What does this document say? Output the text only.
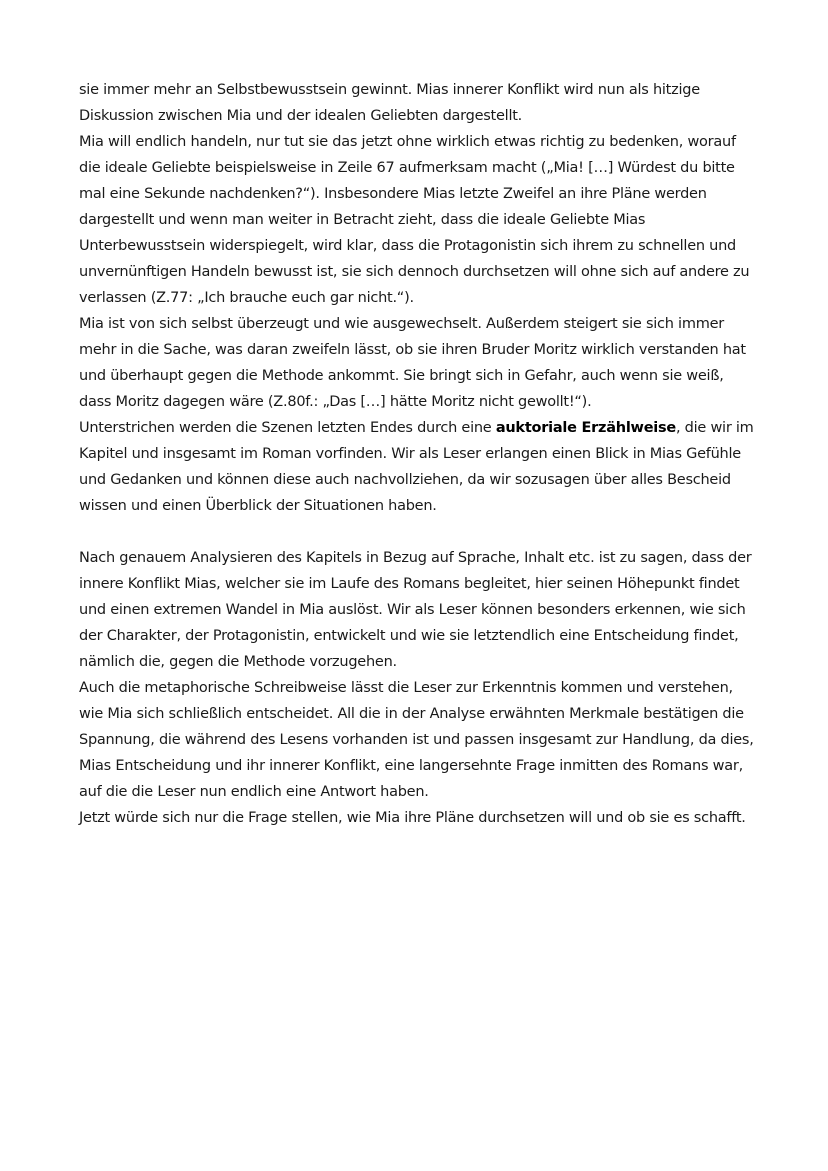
sie immer mehr an Selbstbewusstsein gewinnt. Mias innerer Konflikt wird nun als hitzige Diskussion zwischen Mia und der idealen Geliebten dargestellt.

Mia will endlich handeln, nur tut sie das jetzt ohne wirklich etwas richtig zu bedenken, worauf die ideale Geliebte beispielsweise in Zeile 67 aufmerksam macht („Mia! […] Würdest du bitte mal eine Sekunde nachdenken?“). Insbesondere Mias letzte Zweifel an ihre Pläne werden dargestellt und wenn man weiter in Betracht zieht, dass die ideale Geliebte Mias Unterbewusstsein widerspiegelt, wird klar, dass die Protagonistin sich ihrem zu schnellen und unvernünftigen Handeln bewusst ist, sie sich dennoch durchsetzen will ohne sich auf andere zu verlassen (Z.77: „Ich brauche euch gar nicht.“).

Mia ist von sich selbst überzeugt und wie ausgewechselt. Außerdem steigert sie sich immer mehr in die Sache, was daran zweifeln lässt, ob sie ihren Bruder Moritz wirklich verstanden hat und überhaupt gegen die Methode ankommt. Sie bringt sich in Gefahr, auch wenn sie weiß, dass Moritz dagegen wäre (Z.80f.: „Das […] hätte Moritz nicht gewollt!“).

Unterstrichen werden die Szenen letzten Endes durch eine auktoriale Erzählweise, die wir im Kapitel und insgesamt im Roman vorfinden. Wir als Leser erlangen einen Blick in Mias Gefühle und Gedanken und können diese auch nachvollziehen, da wir sozusagen über alles Bescheid wissen und einen Überblick der Situationen haben.

Nach genauem Analysieren des Kapitels in Bezug auf Sprache, Inhalt etc. ist zu sagen, dass der innere Konflikt Mias, welcher sie im Laufe des Romans begleitet, hier seinen Höhepunkt findet und einen extremen Wandel in Mia auslöst. Wir als Leser können besonders erkennen, wie sich der Charakter, der Protagonistin, entwickelt und wie sie letztendlich eine Entscheidung findet, nämlich die, gegen die Methode vorzugehen.

Auch die metaphorische Schreibweise lässt die Leser zur Erkenntnis kommen und verstehen, wie Mia sich schließlich entscheidet. All die in der Analyse erwähnten Merkmale bestätigen die Spannung, die während des Lesens vorhanden ist und passen insgesamt zur Handlung, da dies, Mias Entscheidung und ihr innerer Konflikt, eine langersehnte Frage inmitten des Romans war, auf die die Leser nun endlich eine Antwort haben.

Jetzt würde sich nur die Frage stellen, wie Mia ihre Pläne durchsetzen will und ob sie es schafft.
